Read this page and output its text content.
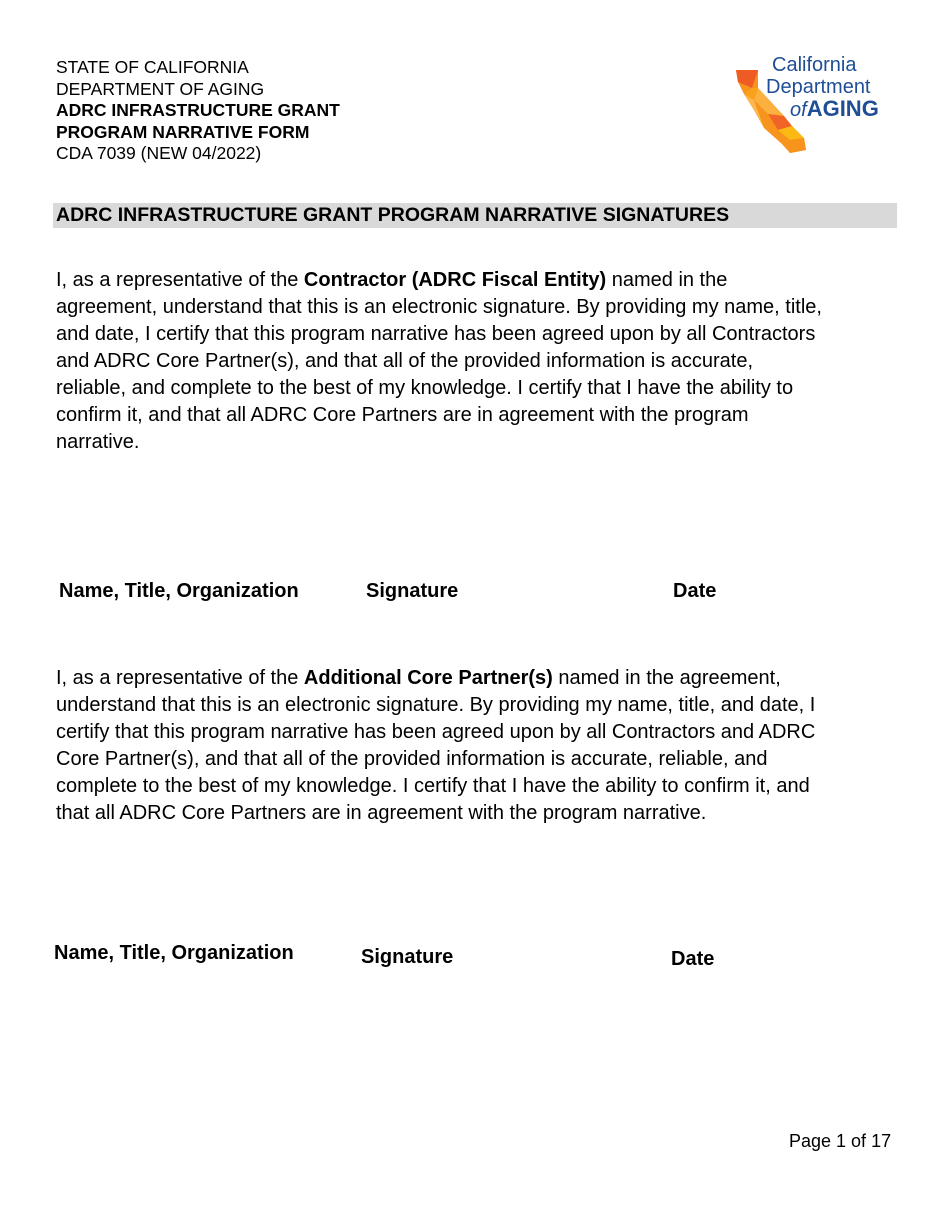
STATE OF CALIFORNIA
DEPARTMENT OF AGING
ADRC INFRASTRUCTURE GRANT
PROGRAM NARRATIVE FORM
CDA 7039 (NEW 04/2022)
California
Department
ofAGING
ADRC INFRASTRUCTURE GRANT PROGRAM NARRATIVE SIGNATURES
I, as a representative of the Contractor (ADRC Fiscal Entity) named in the
agreement, understand that this is an electronic signature. By providing my name, title,
and date, I certify that this program narrative has been agreed upon by all Contractors
and ADRC Core Partner(s), and that all of the provided information is accurate,
reliable, and complete to the best of my knowledge. I certify that I have the ability to
confirm it, and that all ADRC Core Partners are in agreement with the program
narrative.
Name, Title, Organization	Signature	Date
I, as a representative of the Additional Core Partner(s) named in the agreement,
understand that this is an electronic signature. By providing my name, title, and date, I
certify that this program narrative has been agreed upon by all Contractors and ADRC
Core Partner(s), and that all of the provided information is accurate, reliable, and
complete to the best of my knowledge. I certify that I have the ability to confirm it, and
that all ADRC Core Partners are in agreement with the program narrative.
Name, Title, Organization	Signature	Date
Page 1 of 17
